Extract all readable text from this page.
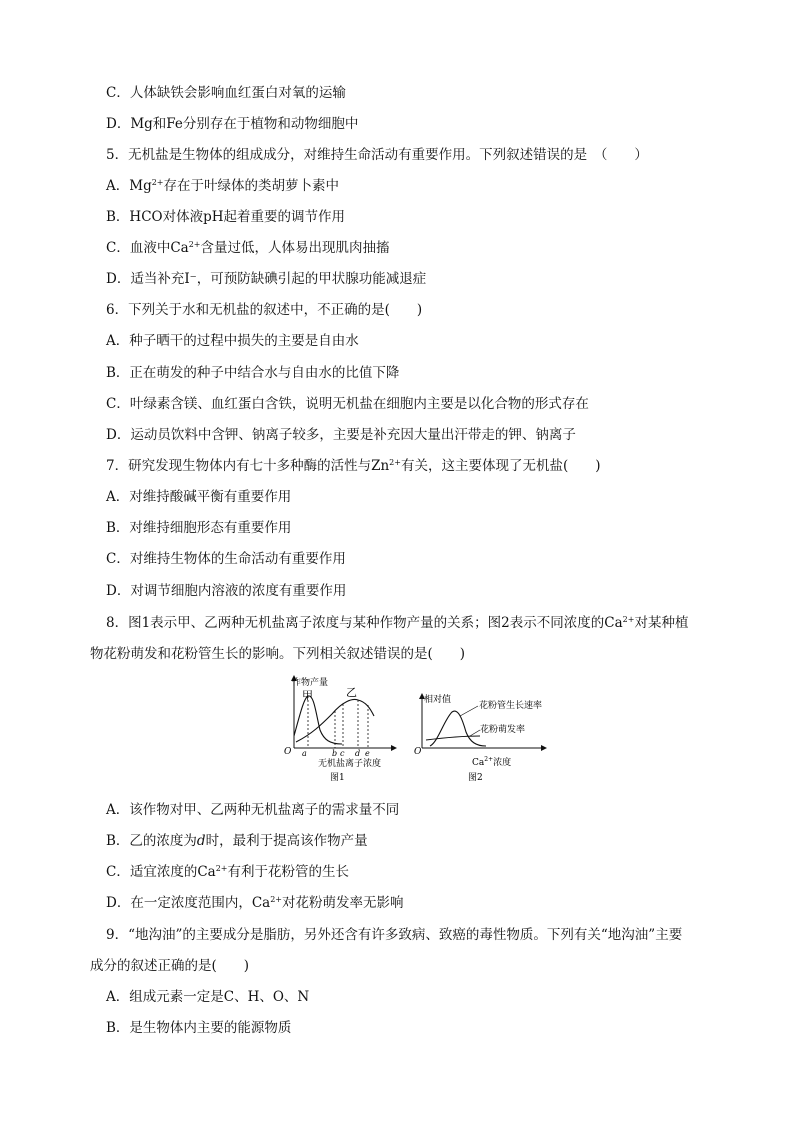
C．人体缺铁会影响血红蛋白对氧的运输
D．Mg和Fe分别存在于植物和动物细胞中
5．无机盐是生物体的组成成分，对维持生命活动有重要作用。下列叙述错误的是　（　　）
A．$Mg^{2+}$存在于叶绿体的类胡萝卜素中
B．HCO对体液pH起着重要的调节作用
C．血液中$Ca^{2+}$含量过低，人体易出现肌肉抽搐
D．适当补充I⁻，可预防缺碘引起的甲状腺功能减退症
6．下列关于水和无机盐的叙述中，不正确的是(　　)
A．种子晒干的过程中损失的主要是自由水
B．正在萌发的种子中结合水与自由水的比值下降
C．叶绿素含镁、血红蛋白含铁，说明无机盐在细胞内主要是以化合物的形式存在
D．运动员饮料中含钾、钠离子较多，主要是补充因大量出汗带走的钾、钠离子
7．研究发现生物体内有七十多种酶的活性与$Zn^{2+}$有关，这主要体现了无机盐(　　)
A．对维持酸碱平衡有重要作用
B．对维持细胞形态有重要作用
C．对维持生物体的生命活动有重要作用
D．对调节细胞内溶液的浓度有重要作用
8．图1表示甲、乙两种无机盐离子浓度与某种作物产量的关系；图2表示不同浓度的$Ca^{2+}$对某种植
物花粉萌发和花粉管生长的影响。下列相关叙述错误的是(　　)
作物产量
甲	乙
O a	b c d e
无机盐离子浓度
图1
相对值
花粉管生长速率
花粉萌发率
O
$Ca^{2+}$浓度
图2
A．该作物对甲、乙两种无机盐离子的需求量不同
B．乙的浓度为d时，最利于提高该作物产量
C．适宜浓度的$Ca^{2+}$有利于花粉管的生长
D．在一定浓度范围内，$Ca^{2+}$对花粉萌发率无影响
9．“地沟油”的主要成分是脂肪，另外还含有许多致病、致癌的毒性物质。下列有关“地沟油”主要
成分的叙述正确的是(　　)
A．组成元素一定是C、H、O、N
B．是生物体内主要的能源物质
